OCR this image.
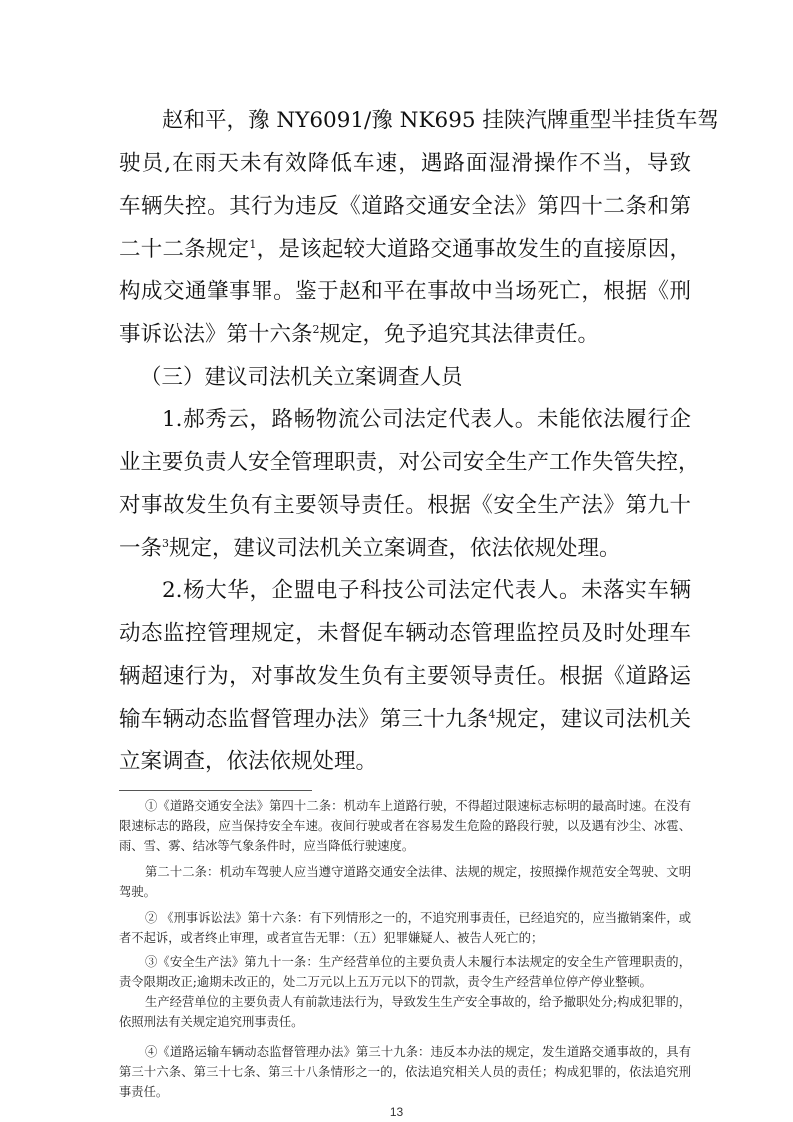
赵和平，豫 NY6091/豫 NK695 挂陕汽牌重型半挂货车驾
驶员,在雨天未有效降低车速，遇路面湿滑操作不当，导致
车辆失控。其行为违反《道路交通安全法》第四十二条和第
二十二条规定$^1$，是该起较大道路交通事故发生的直接原因，
构成交通肇事罪。鉴于赵和平在事故中当场死亡，根据《刑
事诉讼法》第十六条$^2$规定，免予追究其法律责任。
（三）建议司法机关立案调查人员
1.郝秀云，路畅物流公司法定代表人。未能依法履行企
业主要负责人安全管理职责，对公司安全生产工作失管失控，
对事故发生负有主要领导责任。根据《安全生产法》第九十
一条$^3$规定，建议司法机关立案调查，依法依规处理。
2.杨大华，企盟电子科技公司法定代表人。未落实车辆
动态监控管理规定，未督促车辆动态管理监控员及时处理车
辆超速行为，对事故发生负有主要领导责任。根据《道路运
输车辆动态监督管理办法》第三十九条$^4$规定，建议司法机关
立案调查，依法依规处理。
①《道路交通安全法》第四十二条：机动车上道路行驶，不得超过限速标志标明的最高时速。在没有
限速标志的路段，应当保持安全车速。夜间行驶或者在容易发生危险的路段行驶，以及遇有沙尘、冰雹、
雨、雪、雾、结冰等气象条件时，应当降低行驶速度。
第二十二条：机动车驾驶人应当遵守道路交通安全法律、法规的规定，按照操作规范安全驾驶、文明
驾驶。
② 《刑事诉讼法》第十六条：有下列情形之一的，不追究刑事责任，已经追究的，应当撤销案件，或
者不起诉，或者终止审理，或者宣告无罪：（五）犯罪嫌疑人、被告人死亡的；
③《安全生产法》第九十一条：生产经营单位的主要负责人未履行本法规定的安全生产管理职责的，
责令限期改正;逾期未改正的，处二万元以上五万元以下的罚款，责令生产经营单位停产停业整顿。
生产经营单位的主要负责人有前款违法行为，导致发生生产安全事故的，给予撤职处分;构成犯罪的，
依照刑法有关规定追究刑事责任。
④《道路运输车辆动态监督管理办法》第三十九条：违反本办法的规定，发生道路交通事故的，具有
第三十六条、第三十七条、第三十八条情形之一的，依法追究相关人员的责任；构成犯罪的，依法追究刑
事责任。
13
